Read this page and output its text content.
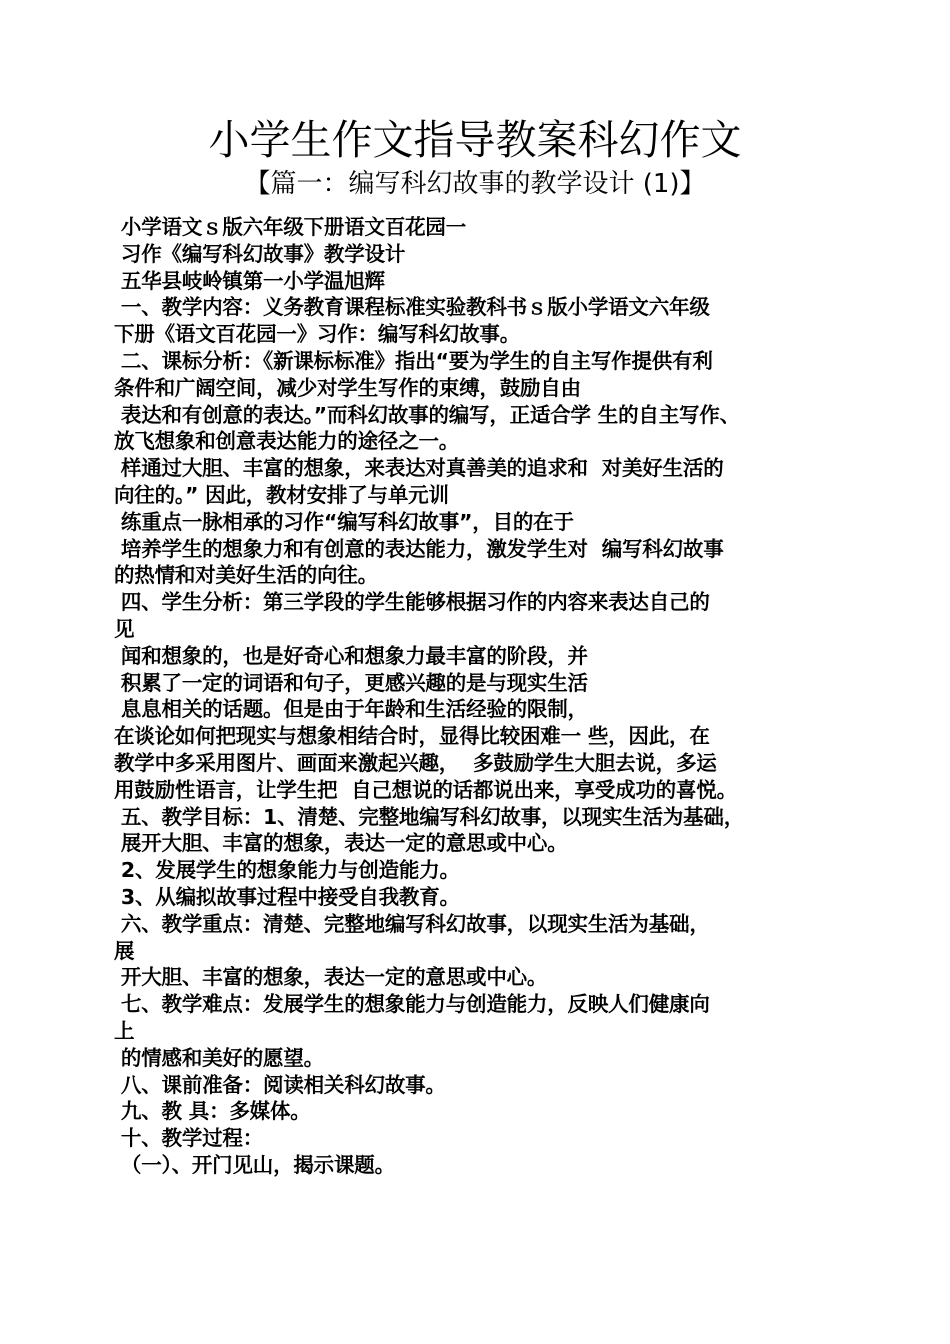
小学生作文指导教案科幻作文
【篇一：编写科幻故事的教学设计 (1)】
小学语文ｓ版六年级下册语文百花园一
习作《编写科幻故事》教学设计
五华县岐岭镇第一小学温旭辉
一、教学内容：义务教育课程标准实验教科书ｓ版小学语文六年级
下册《语文百花园一》习作：编写科幻故事。
二、课标分析：《新课标标准》指出“要为学生的自主写作提供有利
条件和广阔空间，减少对学生写作的束缚，鼓励自由
表达和有创意的表达。”而科幻故事的编写，正适合学 生的自主写作、
放飞想象和创意表达能力的途径之一。
样通过大胆、丰富的想象，来表达对真善美的追求和  对美好生活的
向往的。” 因此，教材安排了与单元训
练重点一脉相承的习作“编写科幻故事”，目的在于
培养学生的想象力和有创意的表达能力，激发学生对  编写科幻故事
的热情和对美好生活的向往。
四、学生分析：第三学段的学生能够根据习作的内容来表达自己的
见
闻和想象的，也是好奇心和想象力最丰富的阶段，并
积累了一定的词语和句子，更感兴趣的是与现实生活
息息相关的话题。但是由于年龄和生活经验的限制，
在谈论如何把现实与想象相结合时，显得比较困难一 些，因此，在
教学中多采用图片、画面来激起兴趣，  多鼓励学生大胆去说，多运
用鼓励性语言，让学生把  自己想说的话都说出来，享受成功的喜悦。
五、教学目标：1、清楚、完整地编写科幻故事，以现实生活为基础，
展开大胆、丰富的想象，表达一定的意思或中心。
2、发展学生的想象能力与创造能力。
3、从编拟故事过程中接受自我教育。
六、教学重点：清楚、完整地编写科幻故事，以现实生活为基础，
展
开大胆、丰富的想象，表达一定的意思或中心。
七、教学难点：发展学生的想象能力与创造能力，反映人们健康向
上
的情感和美好的愿望。
八、课前准备：阅读相关科幻故事。
九、教 具：多媒体。
十、教学过程：
（一）、开门见山，揭示课题。
